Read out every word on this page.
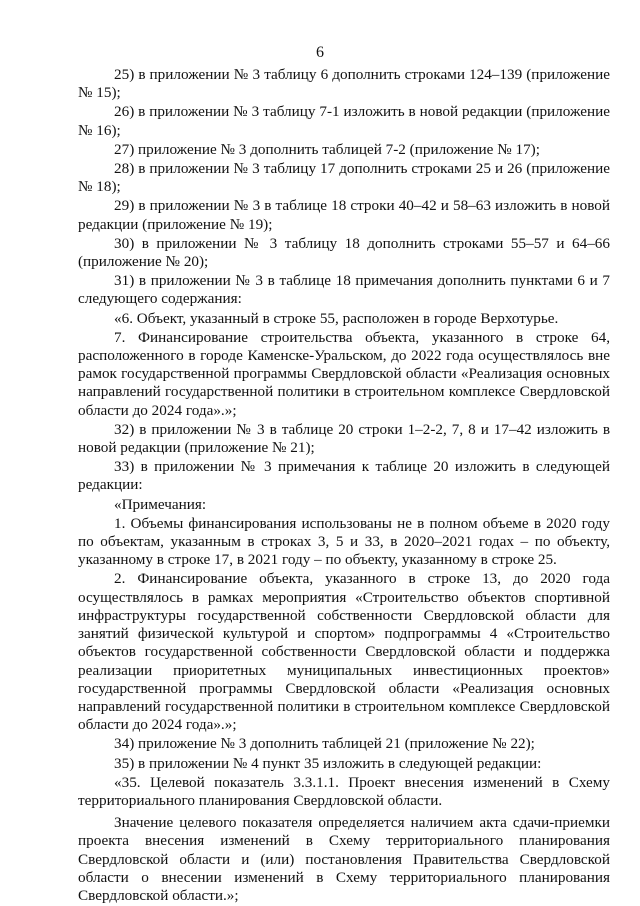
6

25) в приложении № 3 таблицу 6 дополнить строками 124–139 (приложение № 15);

26) в приложении № 3 таблицу 7-1 изложить в новой редакции (приложение № 16);

27) приложение № 3 дополнить таблицей 7-2 (приложение № 17);

28) в приложении № 3 таблицу 17 дополнить строками 25 и 26 (приложение № 18);

29) в приложении № 3 в таблице 18 строки 40–42 и 58–63 изложить в новой редакции (приложение № 19);

30) в приложении № 3 таблицу 18 дополнить строками 55–57 и 64–66 (приложение № 20);

31) в приложении № 3 в таблице 18 примечания дополнить пунктами 6 и 7 следующего содержания:

«6. Объект, указанный в строке 55, расположен в городе Верхотурье.

7. Финансирование строительства объекта, указанного в строке 64, расположенного в городе Каменске-Уральском, до 2022 года осуществлялось вне рамок государственной программы Свердловской области «Реализация основных направлений государственной политики в строительном комплексе Свердловской области до 2024 года».»;

32) в приложении № 3 в таблице 20 строки 1–2-2, 7, 8 и 17–42 изложить в новой редакции (приложение № 21);

33) в приложении № 3 примечания к таблице 20 изложить в следующей редакции:

«Примечания:

1. Объемы финансирования использованы не в полном объеме в 2020 году по объектам, указанным в строках 3, 5 и 33, в 2020–2021 годах – по объекту, указанному в строке 17, в 2021 году – по объекту, указанному в строке 25.

2. Финансирование объекта, указанного в строке 13, до 2020 года осуществлялось в рамках мероприятия «Строительство объектов спортивной инфраструктуры государственной собственности Свердловской области для занятий физической культурой и спортом» подпрограммы 4 «Строительство объектов государственной собственности Свердловской области и поддержка реализации приоритетных муниципальных инвестиционных проектов» государственной программы Свердловской области «Реализация основных направлений государственной политики в строительном комплексе Свердловской области до 2024 года».»;

34) приложение № 3 дополнить таблицей 21 (приложение № 22);

35) в приложении № 4 пункт 35 изложить в следующей редакции:

«35. Целевой показатель 3.3.1.1. Проект внесения изменений в Схему территориального планирования Свердловской области.

Значение целевого показателя определяется наличием акта сдачи-приемки проекта внесения изменений в Схему территориального планирования Свердловской области и (или) постановления Правительства Свердловской области о внесении изменений в Схему территориального планирования Свердловской области.»;
